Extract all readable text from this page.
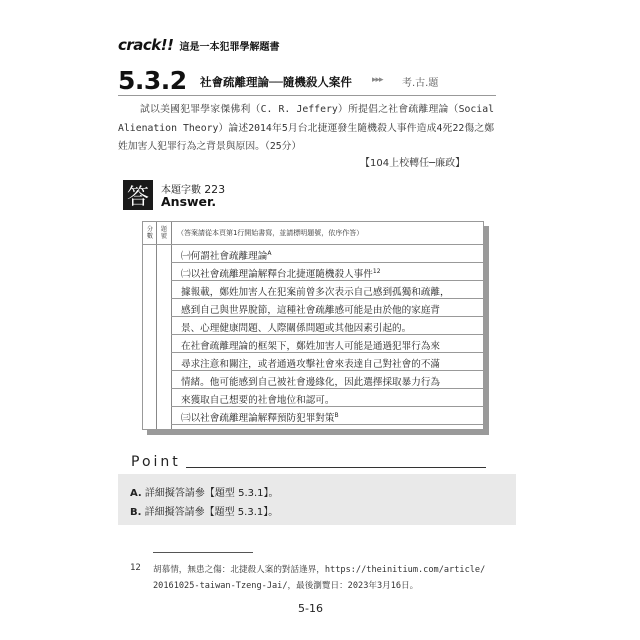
crack!! 這是一本犯罪學解題書
5.3.2 社會疏離理論──隨機殺人案件 ▸▸▸ 考.古.題
試以美國犯罪學家傑佛利（C. R. Jeffery）所提倡之社會疏離理論（Social Alienation Theory）論述2014年5月台北捷運發生隨機殺人事件造成4死22傷之鄭姓加害人犯罪行為之背景與原因。（25分）
【104上校轉任─廉政】
答	本題字數 223
Answer.
分數
題號 （答案請從本頁第1行開始書寫，並請標明題號，依序作答）
㈠何謂社會疏離理論$^A$
㈡以社會疏離理論解釋台北捷運隨機殺人事件$^{12}$
據報載，鄭姓加害人在犯案前曾多次表示自己感到孤獨和疏離，
感到自己與世界脫節，這種社會疏離感可能是由於他的家庭背
景、心理健康問題、人際關係問題或其他因素引起的。
在社會疏離理論的框架下，鄭姓加害人可能是通過犯罪行為來
尋求注意和關注，或者通過攻擊社會來表達自己對社會的不滿
情緒。他可能感到自己被社會邊緣化，因此選擇採取暴力行為
來獲取自己想要的社會地位和認可。
㈢以社會疏離理論解釋預防犯罪對策$^B$
Point
A. 詳細擬答請參【題型 5.3.1】。
B. 詳細擬答請參【題型 5.3.1】。
12 胡慕情，無患之傷：北捷殺人案的對話逢界，https://theinitium.com/article/
20161025-taiwan-Tzeng-Jai/，最後瀏覽日：2023年3月16日。
5-16
